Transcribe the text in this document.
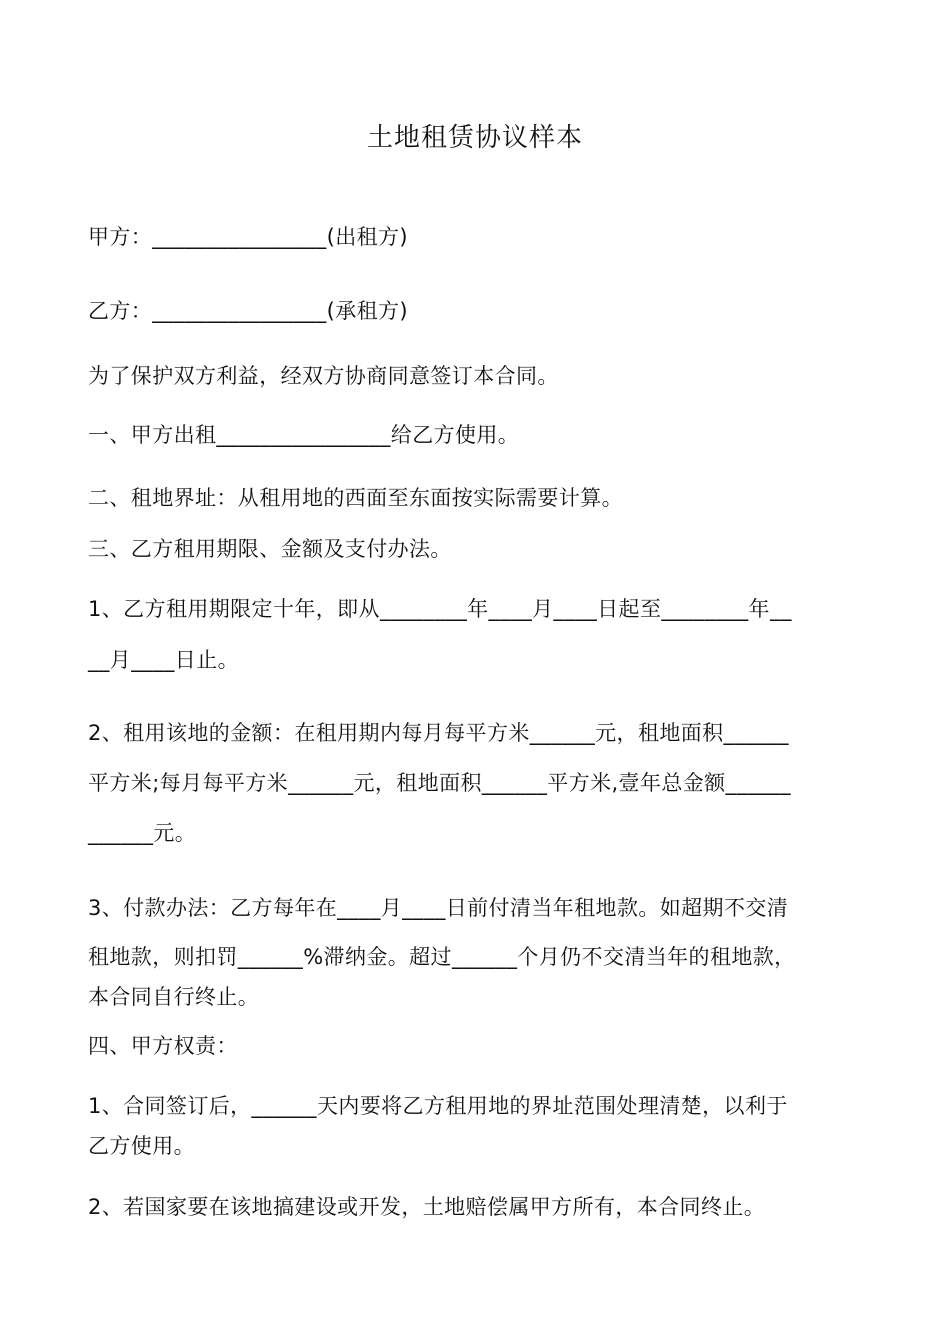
土地租赁协议样本
甲方：________________(出租方)
乙方：________________(承租方)
为了保护双方利益，经双方协商同意签订本合同。
一、甲方出租________________给乙方使用。
二、租地界址：从租用地的西面至东面按实际需要计算。
三、乙方租用期限、金额及支付办法。
1、乙方租用期限定十年，即从________年____月____日起至________年__
__月____日止。
2、租用该地的金额：在租用期内每月每平方米______元，租地面积______
平方米;每月每平方米______元，租地面积______平方米,壹年总金额______
______元。
3、付款办法：乙方每年在____月____日前付清当年租地款。如超期不交清
租地款，则扣罚______%滞纳金。超过______个月仍不交清当年的租地款，
本合同自行终止。
四、甲方权责：
1、合同签订后，______天内要将乙方租用地的界址范围处理清楚，以利于
乙方使用。
2、若国家要在该地搞建设或开发，土地赔偿属甲方所有，本合同终止。
